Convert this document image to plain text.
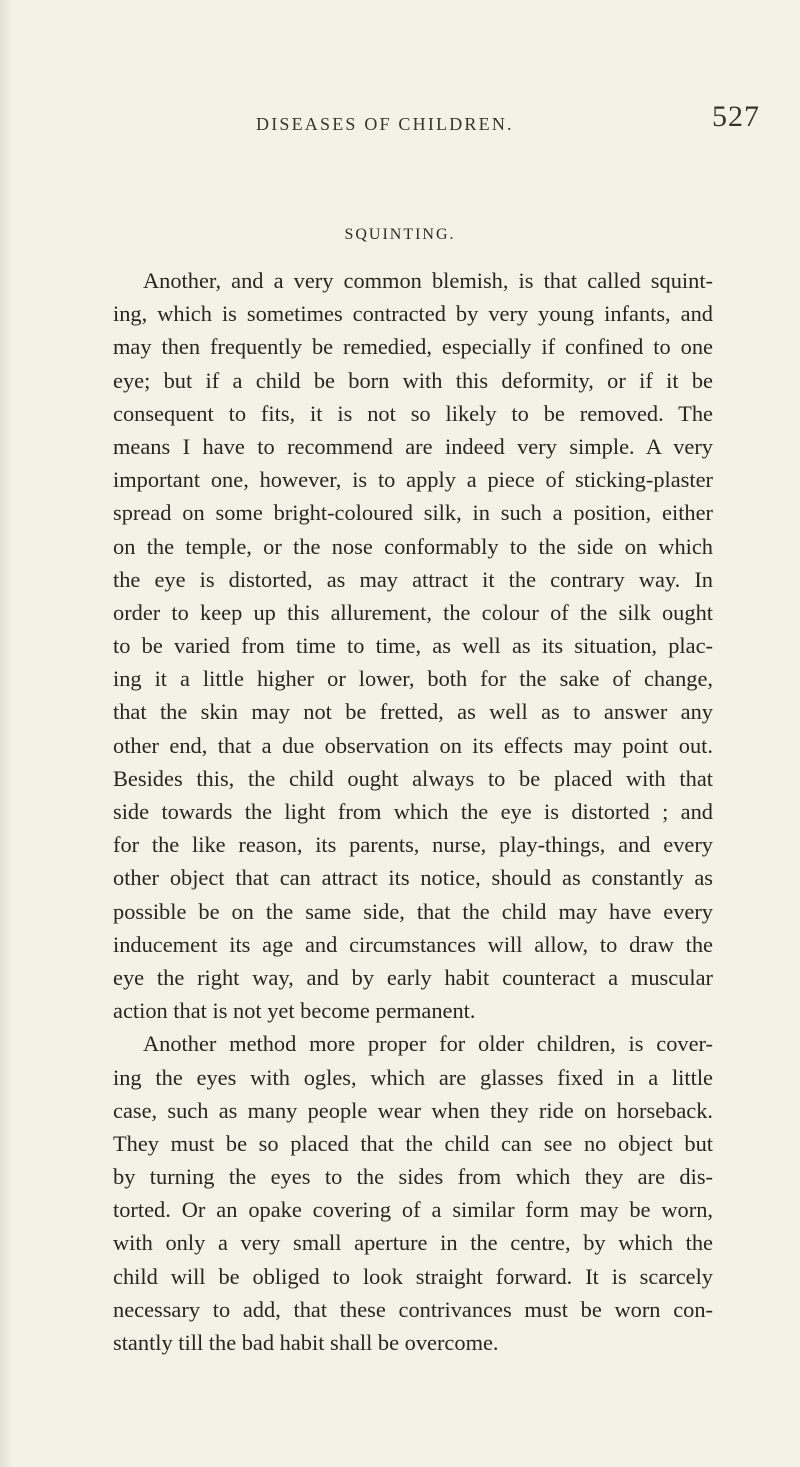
DISEASES OF CHILDREN.	527
SQUINTING.
Another, and a very common blemish, is that called squint-
ing, which is sometimes contracted by very young infants, and
may then frequently be remedied, especially if confined to one
eye; but if a child be born with this deformity, or if it be
consequent to fits, it is not so likely to be removed. The
means I have to recommend are indeed very simple. A very
important one, however, is to apply a piece of sticking-plaster
spread on some bright-coloured silk, in such a position, either
on the temple, or the nose conformably to the side on which
the eye is distorted, as may attract it the contrary way. In
order to keep up this allurement, the colour of the silk ought
to be varied from time to time, as well as its situation, plac-
ing it a little higher or lower, both for the sake of change,
that the skin may not be fretted, as well as to answer any
other end, that a due observation on its effects may point out.
Besides this, the child ought always to be placed with that
side towards the light from which the eye is distorted ; and
for the like reason, its parents, nurse, play-things, and every
other object that can attract its notice, should as constantly as
possible be on the same side, that the child may have every
inducement its age and circumstances will allow, to draw the
eye the right way, and by early habit counteract a muscular
action that is not yet become permanent.
Another method more proper for older children, is cover-
ing the eyes with ogles, which are glasses fixed in a little
case, such as many people wear when they ride on horseback.
They must be so placed that the child can see no object but
by turning the eyes to the sides from which they are dis-
torted. Or an opake covering of a similar form may be worn,
with only a very small aperture in the centre, by which the
child will be obliged to look straight forward. It is scarcely
necessary to add, that these contrivances must be worn con-
stantly till the bad habit shall be overcome.
